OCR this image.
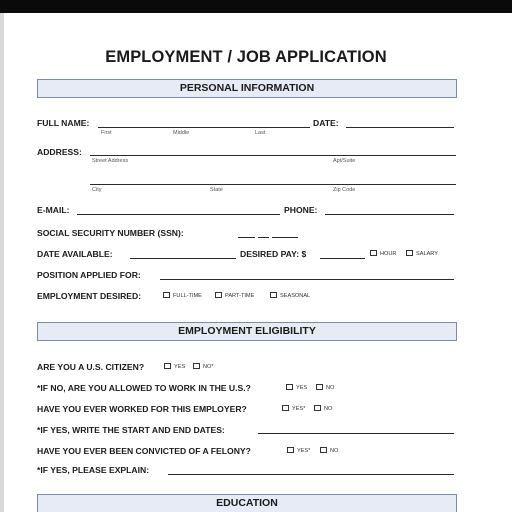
EMPLOYMENT / JOB APPLICATION
PERSONAL INFORMATION
FULL NAME:
First	Middle	Last
DATE:
ADDRESS:
Street Address	Apt/Suite
City	State	Zip Code
E-MAIL:	PHONE:
SOCIAL SECURITY NUMBER (SSN):
DATE AVAILABLE:	DESIRED PAY: $	HOUR	SALARY
POSITION APPLIED FOR:
EMPLOYMENT DESIRED:	FULL-TIME	PART-TIME	SEASONAL
EMPLOYMENT ELIGIBILITY
ARE YOU A U.S. CITIZEN?	YES	NO*
*IF NO, ARE YOU ALLOWED TO WORK IN THE U.S.?	YES	NO
HAVE YOU EVER WORKED FOR THIS EMPLOYER?	YES*	NO
*IF YES, WRITE THE START AND END DATES:
HAVE YOU EVER BEEN CONVICTED OF A FELONY?	YES*	NO
*IF YES, PLEASE EXPLAIN:
EDUCATION
